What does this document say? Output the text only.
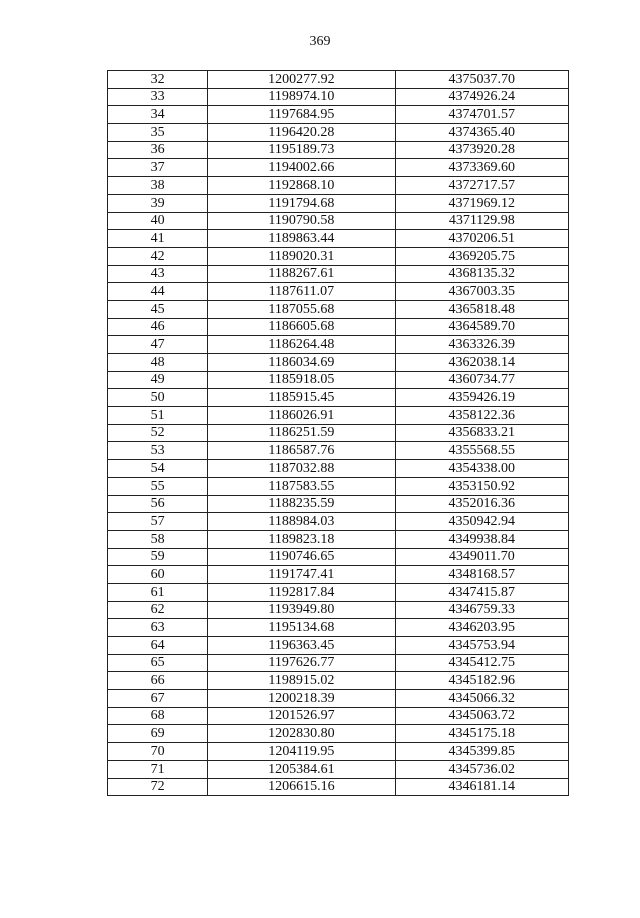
369
32	1200277.92	4375037.70
33	1198974.10	4374926.24
34	1197684.95	4374701.57
35	1196420.28	4374365.40
36	1195189.73	4373920.28
37	1194002.66	4373369.60
38	1192868.10	4372717.57
39	1191794.68	4371969.12
40	1190790.58	4371129.98
41	1189863.44	4370206.51
42	1189020.31	4369205.75
43	1188267.61	4368135.32
44	1187611.07	4367003.35
45	1187055.68	4365818.48
46	1186605.68	4364589.70
47	1186264.48	4363326.39
48	1186034.69	4362038.14
49	1185918.05	4360734.77
50	1185915.45	4359426.19
51	1186026.91	4358122.36
52	1186251.59	4356833.21
53	1186587.76	4355568.55
54	1187032.88	4354338.00
55	1187583.55	4353150.92
56	1188235.59	4352016.36
57	1188984.03	4350942.94
58	1189823.18	4349938.84
59	1190746.65	4349011.70
60	1191747.41	4348168.57
61	1192817.84	4347415.87
62	1193949.80	4346759.33
63	1195134.68	4346203.95
64	1196363.45	4345753.94
65	1197626.77	4345412.75
66	1198915.02	4345182.96
67	1200218.39	4345066.32
68	1201526.97	4345063.72
69	1202830.80	4345175.18
70	1204119.95	4345399.85
71	1205384.61	4345736.02
72	1206615.16	4346181.14
